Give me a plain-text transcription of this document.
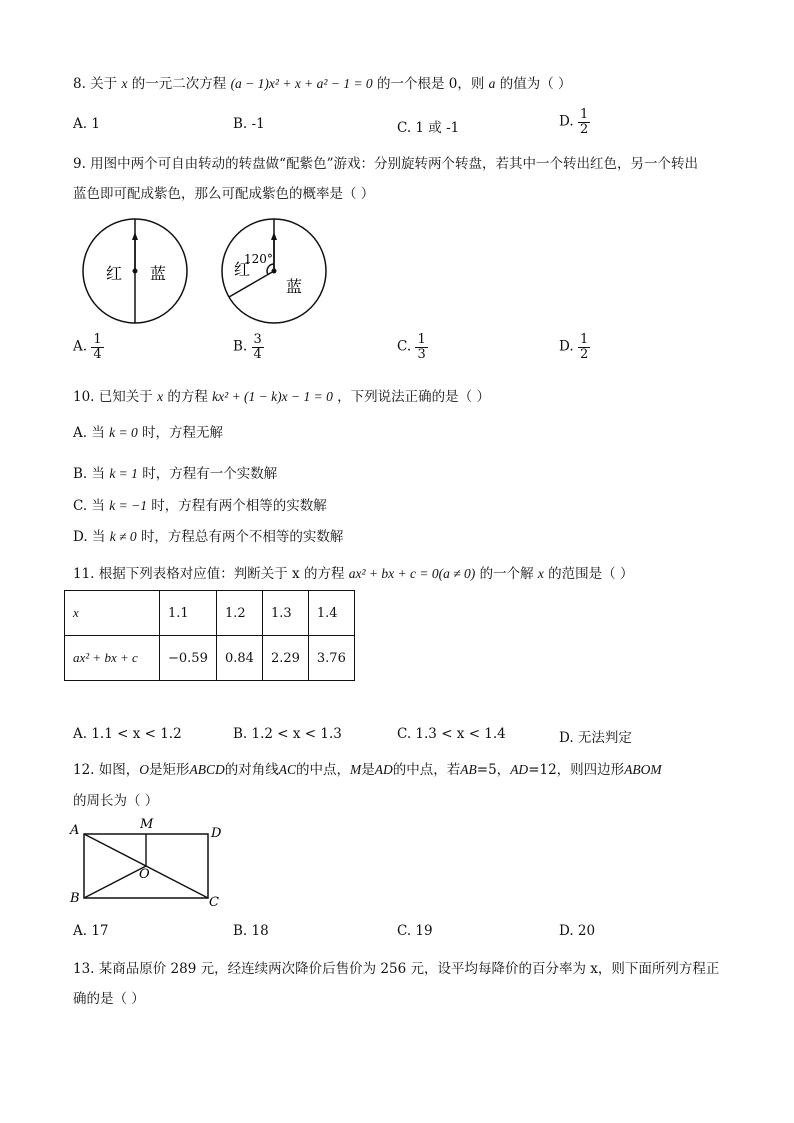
8. 关于 x 的一元二次方程 (a − 1)x² + x + a² − 1 = 0 的一个根是 0，则 a 的值为（ ）
A. 1	B. -1	C. 1 或 -1	D. $\frac{1}{2}$
9. 用图中两个可自由转动的转盘做“配紫色”游戏：分别旋转两个转盘，若其中一个转出红色，另一个转出
蓝色即可配成紫色，那么可配成紫色的概率是（ ）
红 蓝
120°
红
蓝
A. $\frac{1}{4}$	B. $\frac{3}{4}$	C. $\frac{1}{3}$	D. $\frac{1}{2}$
10. 已知关于 x 的方程 kx² + (1 − k)x − 1 = 0 ，下列说法正确的是（ ）
A. 当 k = 0 时，方程无解
B. 当 k = 1 时，方程有一个实数解
C. 当 k = −1 时，方程有两个相等的实数解
D. 当 k ≠ 0 时，方程总有两个不相等的实数解
11. 根据下列表格对应值：判断关于 x 的方程 ax² + bx + c = 0(a ≠ 0) 的一个解 x 的范围是（ ）
x	1.1	1.2	1.3	1.4
ax² + bx + c	−0.59	0.84	2.29	3.76
A. 1.1 < x < 1.2	B. 1.2 < x < 1.3	C. 1.3 < x < 1.4	D. 无法判定
12. 如图，O是矩形ABCD的对角线AC的中点，M是AD的中点，若AB=5，AD=12，则四边形ABOM
的周长为（ ）
A	M
D
B
O
C
A. 17	B. 18	C. 19	D. 20
13. 某商品原价 289 元，经连续两次降价后售价为 256 元，设平均每降价的百分率为 x，则下面所列方程正
确的是（ ）
